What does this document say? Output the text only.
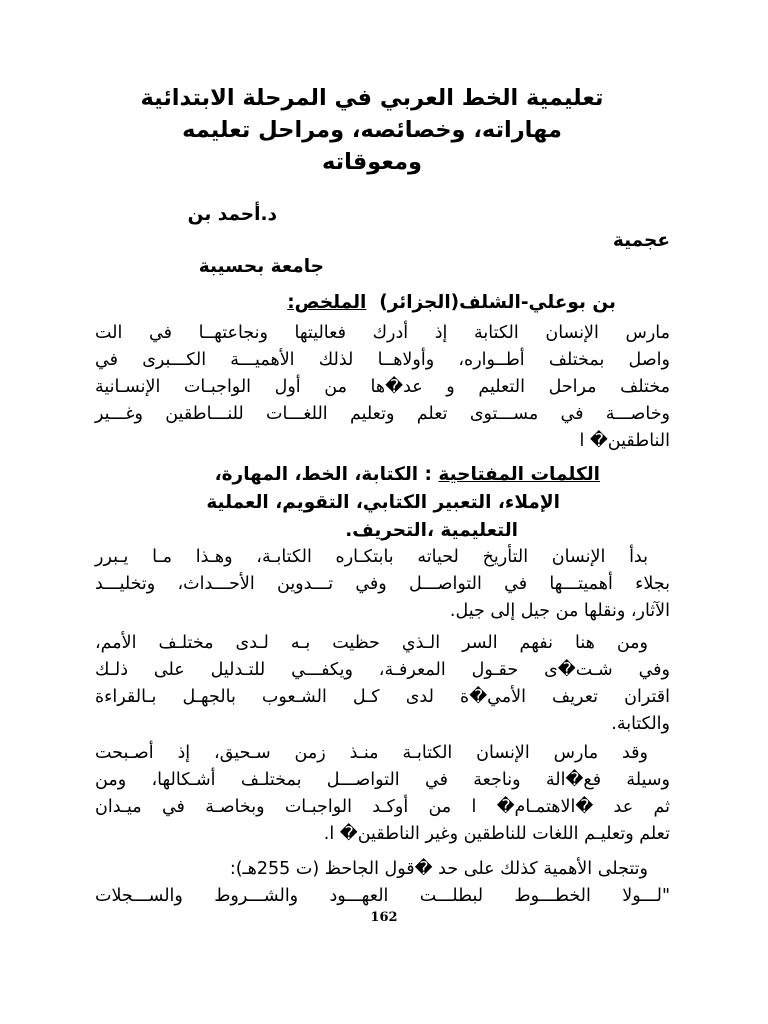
تعليمية الخط العربي في المرحلة الابتدائية
مهاراته، وخصائصه، ومراحل تعليمه
ومعوقاته
د.أحمد بن
عجمية
جامعة بحسيبة
بن بوعلي-الشلف(الجزائر)  الملخص:
مارس الإنسان الكتابة إذ أدرك فعاليتها ونجاعتهــا في الت
واصل بمختلف أطــواره، وأولاهــا لذلك الأهميـــة الكـــبرى في
مختلف مراحل التعليم و عد�ها من أول الواجبـات الإنسـانية
وخاصـــة في مســـتوى تعلم وتعليم اللغـــات للنـــاطقين وغـــير
الناطقين� ا
الكلمات المفتاحية : الكتابة، الخط، المهارة،
الإملاء، التعبير الكتابي، التقويم، العملية
التعليمية ،التحريف.
بدأ الإنسان التأريخ لحياته بابتكـاره الكتابـة، وهـذا مـا يـبرر
بجلاء أهميتـــها في التواصـــل وفي تـــدوين الأحـــداث، وتخليـــد
الآثار، ونقلها من جيل إلى جيل.
ومن هنا نفهم السر الـذي حظيت بـه لـدى مختلـف الأمم،
وفي شـت�ى حقـول المعرفـة، ويكفـــي للتـدليل على ذلـك
اقتران تعريف الأمي�ة لدى كـل الشـعوب بالجهـل بـالقراءة
والكتابة.
وقد مارس الإنسان الكتابـة منـذ زمن سـحيق، إذ أصـبحت
وسيلة فع�الة وناجعة في التواصـــل بمختلـف أشـكالها، ومن
ثم عد �الاهتمـام� ا من أوكـد الواجبـات وبخاصـة في ميـدان
تعلم وتعليـم اللغات للناطقين وغير الناطقين� ا.
وتتجلى الأهمية كذلك على حد �قول الجاحظ (ت 255هـ):
"لـــولا الخطـــوط لبطلـــت العهـــود والشـــروط والســـجلات
162
